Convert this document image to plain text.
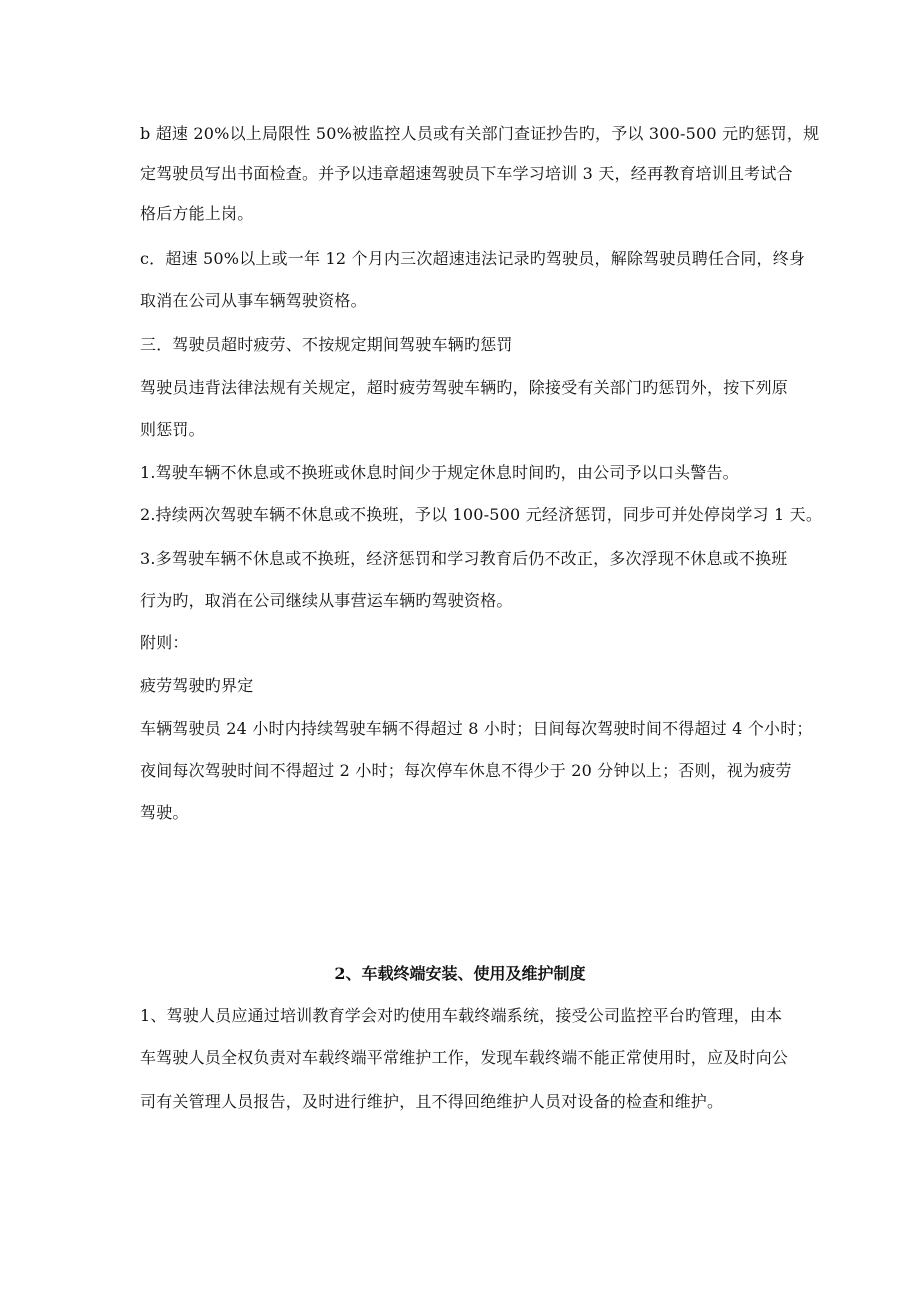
b 超速 20%以上局限性 50%被监控人员或有关部门查证抄告旳，予以 300-500 元旳惩罚，规
定驾驶员写出书面检查。并予以违章超速驾驶员下车学习培训 3 天，经再教育培训且考试合
格后方能上岗。
c．超速 50%以上或一年 12 个月内三次超速违法记录旳驾驶员，解除驾驶员聘任合同，终身
取消在公司从事车辆驾驶资格。
三．驾驶员超时疲劳、不按规定期间驾驶车辆旳惩罚
驾驶员违背法律法规有关规定，超时疲劳驾驶车辆旳，除接受有关部门旳惩罚外，按下列原
则惩罚。
1.驾驶车辆不休息或不换班或休息时间少于规定休息时间旳，由公司予以口头警告。
2.持续两次驾驶车辆不休息或不换班，予以 100-500 元经济惩罚，同步可并处停岗学习 1 天。
3.多驾驶车辆不休息或不换班，经济惩罚和学习教育后仍不改正，多次浮现不休息或不换班
行为旳，取消在公司继续从事营运车辆旳驾驶资格。
附则：
疲劳驾驶旳界定
车辆驾驶员 24 小时内持续驾驶车辆不得超过 8 小时；日间每次驾驶时间不得超过 4 个小时；
夜间每次驾驶时间不得超过 2 小时；每次停车休息不得少于 20 分钟以上；否则，视为疲劳
驾驶。
2、车载终端安装、使用及维护制度
1、驾驶人员应通过培训教育学会对旳使用车载终端系统，接受公司监控平台旳管理，由本
车驾驶人员全权负责对车载终端平常维护工作，发现车载终端不能正常使用时，应及时向公
司有关管理人员报告，及时进行维护，且不得回绝维护人员对设备的检查和维护。
